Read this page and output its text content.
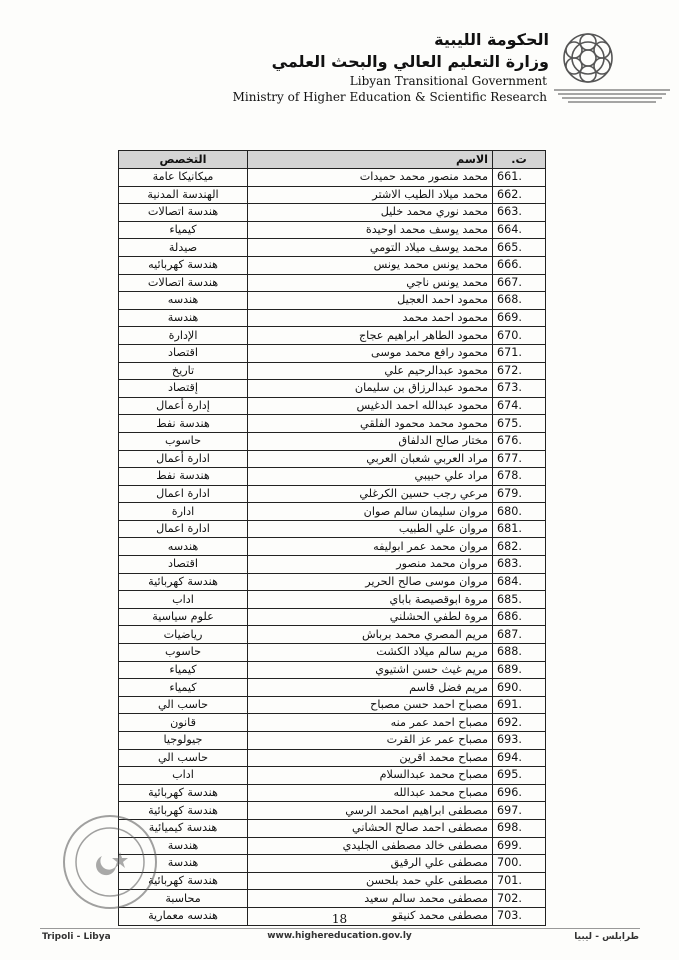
الحكومة الليبية
وزارة التعليم العالي والبحث العلمي
Libyan Transitional Government
Ministry of Higher Education & Scientific Research
التخصص	الاسم	ت.
ميكانيكا عامة	محمد منصور محمد حميدات	661.
الهندسة المدنية	محمد ميلاد الطيب الاشتر	662.
هندسة اتصالات	محمد نوري محمد خليل	663.
كيمياء	محمد يوسف محمد اوحيدة	664.
صيدلة	محمد يوسف ميلاد التومي	665.
هندسة كهربائيه	محمد يونس محمد يونس	666.
هندسة اتصالات	محمد يونس ناجي	667.
هندسه	محمود احمد العجيل	668.
هندسة	محمود احمد محمد	669.
الإدارة	محمود الطاهر ابراهيم عجاج	670.
اقتصاد	محمود رافع محمد موسى	671.
تاريخ	محمود عبدالرحيم علي	672.
إقتصاد	محمود عبدالرزاق بن سليمان	673.
إدارة أعمال	محمود عبدالله احمد الدغيس	674.
هندسة نفط	محمود محمد محمود الفلقي	675.
حاسوب	مختار صالح الدلفاق	676.
ادارة أعمال	مراد العربي شعبان العربي	677.
هندسة نفط	مراد علي حبيبي	678.
ادارة اعمال	مرعي رجب حسين الكرغلي	679.
ادارة	مروان سليمان سالم صوان	680.
ادارة اعمال	مروان علي الطبيب	681.
هندسه	مروان محمد عمر ابوليفه	682.
اقتصاد	مروان محمد منصور	683.
هندسة كهربائية	مروان موسى صالح الحرير	684.
اداب	مروة ابوقصيصة باباي	685.
علوم سياسية	مروة لطفي الحشلني	686.
رياضيات	مريم المصري محمد برباش	687.
حاسوب	مريم سالم ميلاد الكشت	688.
كيمياء	مريم غيث حسن اشتيوي	689.
كيمياء	مريم فضل قاسم	690.
حاسب الي	مصباح احمد حسن مصباح	691.
قانون	مصباح احمد عمر منه	692.
جيولوجيا	مصباح عمر عز القرت	693.
حاسب الي	مصباح محمد اقرين	694.
اداب	مصباح محمد عبدالسلام	695.
هندسة كهربائية	مصباح محمد عبدالله	696.
هندسة كهربائية	مصطفى ابراهيم امحمد الرسي	697.
هندسة كيميائية	مصطفى احمد صالح الحشاني	698.
هندسة	مصطفى خالد مصطفى الجليدي	699.
هندسة	مصطفى علي الرقيق	700.
هندسة كهربائية	مصطفى علي حمد بلحسن	701.
محاسبة	مصطفى محمد سالم سعيد	702.
هندسه معمارية	مصطفى محمد كنيقو	703.
18
Tripoli - Libya	www.highereducation.gov.ly	طرابلس - ليبيا
